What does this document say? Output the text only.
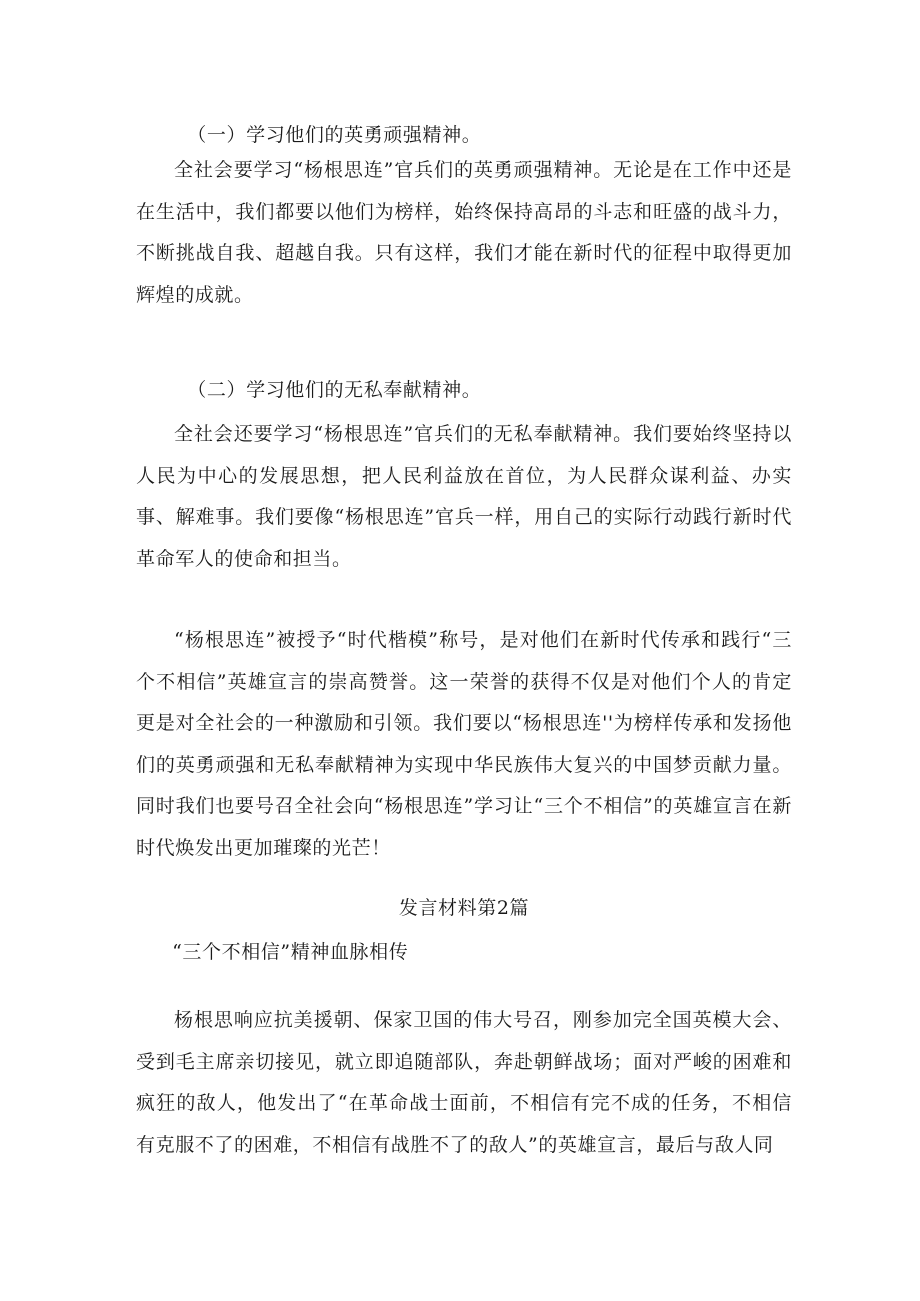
（一）学习他们的英勇顽强精神。

全社会要学习“杨根思连”官兵们的英勇顽强精神。无论是在工作中还是在生活中，我们都要以他们为榜样，始终保持高昂的斗志和旺盛的战斗力，不断挑战自我、超越自我。只有这样，我们才能在新时代的征程中取得更加辉煌的成就。

（二）学习他们的无私奉献精神。

全社会还要学习“杨根思连”官兵们的无私奉献精神。我们要始终坚持以人民为中心的发展思想，把人民利益放在首位，为人民群众谋利益、办实事、解难事。我们要像“杨根思连”官兵一样，用自己的实际行动践行新时代革命军人的使命和担当。

“杨根思连”被授予“时代楷模”称号，是对他们在新时代传承和践行“三个不相信”英雄宣言的崇高赞誉。这一荣誉的获得不仅是对他们个人的肯定更是对全社会的一种激励和引领。我们要以“杨根思连''为榜样传承和发扬他们的英勇顽强和无私奉献精神为实现中华民族伟大复兴的中国梦贡献力量。同时我们也要号召全社会向“杨根思连”学习让“三个不相信”的英雄宣言在新时代焕发出更加璀璨的光芒！

发言材料第2篇

“三个不相信”精神血脉相传

杨根思响应抗美援朝、保家卫国的伟大号召，刚参加完全国英模大会、受到毛主席亲切接见，就立即追随部队，奔赴朝鲜战场；面对严峻的困难和疯狂的敌人，他发出了“在革命战士面前，不相信有完不成的任务，不相信有克服不了的困难，不相信有战胜不了的敌人”的英雄宣言，最后与敌人同
